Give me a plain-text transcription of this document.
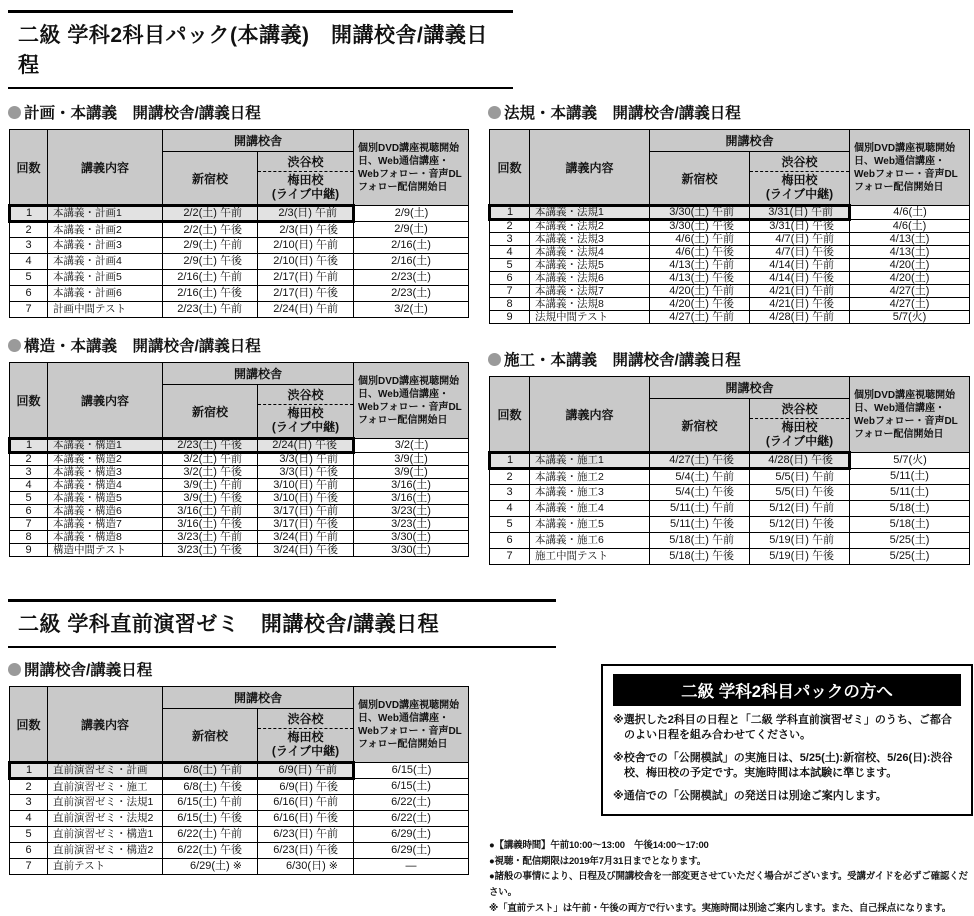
二級 学科2科目パック(本講義)　開講校舎/講義日程
計画・本講義　開講校舎/講義日程
回数	講義内容	開講校舎		個別DVD講座視聴開始日、Web通信講座・Webフォロー・音声DLフォロー配信開始日
		新宿校	渋谷校	
			梅田校
(ライブ中継)	
1	本講義・計画1	2/2(土) 午前	2/3(日) 午前	2/9(土)
2	本講義・計画2	2/2(土) 午後	2/3(日) 午後	2/9(土)
3	本講義・計画3	2/9(土) 午前	2/10(日) 午前	2/16(土)
4	本講義・計画4	2/9(土) 午後	2/10(日) 午後	2/16(土)
5	本講義・計画5	2/16(土) 午前	2/17(日) 午前	2/23(土)
6	本講義・計画6	2/16(土) 午後	2/17(日) 午後	2/23(土)
7	計画中間テスト	2/23(土) 午前	2/24(日) 午前	3/2(土)
構造・本講義　開講校舎/講義日程
回数	講義内容	開講校舎		個別DVD講座視聴開始日、Web通信講座・Webフォロー・音声DLフォロー配信開始日
		新宿校	渋谷校	
			梅田校
(ライブ中継)	
1	本講義・構造1	2/23(土) 午後	2/24(日) 午後	3/2(土)
2	本講義・構造2	3/2(土) 午前	3/3(日) 午前	3/9(土)
3	本講義・構造3	3/2(土) 午後	3/3(日) 午後	3/9(土)
4	本講義・構造4	3/9(土) 午前	3/10(日) 午前	3/16(土)
5	本講義・構造5	3/9(土) 午後	3/10(日) 午後	3/16(土)
6	本講義・構造6	3/16(土) 午前	3/17(日) 午前	3/23(土)
7	本講義・構造7	3/16(土) 午後	3/17(日) 午後	3/23(土)
8	本講義・構造8	3/23(土) 午前	3/24(日) 午前	3/30(土)
9	構造中間テスト	3/23(土) 午後	3/24(日) 午後	3/30(土)
法規・本講義　開講校舎/講義日程
回数	講義内容	開講校舎		個別DVD講座視聴開始日、Web通信講座・Webフォロー・音声DLフォロー配信開始日
		新宿校	渋谷校	
			梅田校
(ライブ中継)	
1	本講義・法規1	3/30(土) 午前	3/31(日) 午前	4/6(土)
2	本講義・法規2	3/30(土) 午後	3/31(日) 午後	4/6(土)
3	本講義・法規3	4/6(土) 午前	4/7(日) 午前	4/13(土)
4	本講義・法規4	4/6(土) 午後	4/7(日) 午後	4/13(土)
5	本講義・法規5	4/13(土) 午前	4/14(日) 午前	4/20(土)
6	本講義・法規6	4/13(土) 午後	4/14(日) 午後	4/20(土)
7	本講義・法規7	4/20(土) 午前	4/21(日) 午前	4/27(土)
8	本講義・法規8	4/20(土) 午後	4/21(日) 午後	4/27(土)
9	法規中間テスト	4/27(土) 午前	4/28(日) 午前	5/7(火)
施工・本講義　開講校舎/講義日程
回数	講義内容	開講校舎		個別DVD講座視聴開始日、Web通信講座・Webフォロー・音声DLフォロー配信開始日
		新宿校	渋谷校	
			梅田校
(ライブ中継)	
1	本講義・施工1	4/27(土) 午後	4/28(日) 午後	5/7(火)
2	本講義・施工2	5/4(土) 午前	5/5(日) 午前	5/11(土)
3	本講義・施工3	5/4(土) 午後	5/5(日) 午後	5/11(土)
4	本講義・施工4	5/11(土) 午前	5/12(日) 午前	5/18(土)
5	本講義・施工5	5/11(土) 午後	5/12(日) 午後	5/18(土)
6	本講義・施工6	5/18(土) 午前	5/19(日) 午前	5/25(土)
7	施工中間テスト	5/18(土) 午後	5/19(日) 午後	5/25(土)
二級 学科直前演習ゼミ　開講校舎/講義日程
開講校舎/講義日程
回数	講義内容	開講校舎		個別DVD講座視聴開始日、Web通信講座・Webフォロー・音声DLフォロー配信開始日
		新宿校	渋谷校	
			梅田校
(ライブ中継)	
1	直前演習ゼミ・計画	6/8(土) 午前	6/9(日) 午前	6/15(土)
2	直前演習ゼミ・施工	6/8(土) 午後	6/9(日) 午後	6/15(土)
3	直前演習ゼミ・法規1	6/15(土) 午前	6/16(日) 午前	6/22(土)
4	直前演習ゼミ・法規2	6/15(土) 午後	6/16(日) 午後	6/22(土)
5	直前演習ゼミ・構造1	6/22(土) 午前	6/23(日) 午前	6/29(土)
6	直前演習ゼミ・構造2	6/22(土) 午後	6/23(日) 午後	6/29(土)
7	直前テスト	6/29(土) ※	6/30(日) ※	―
二級 学科2科目パックの方へ

※選択した2科目の日程と「二級 学科直前演習ゼミ」のうち、ご都合のよい日程を組み合わせてください。

※校舎での「公開模試」の実施日は、5/25(土):新宿校、5/26(日):渋谷校、梅田校の予定です。実施時間は本試験に準じます。

※通信での「公開模試」の発送日は別途ご案内します。

●【講義時間】午前10:00〜13:00　午後14:00〜17:00

●視聴・配信期限は2019年7月31日までとなります。

●諸般の事情により、日程及び開講校舎を一部変更させていただく場合がございます。受講ガイドを必ずご確認ください。

※「直前テスト」は午前・午後の両方で行います。実施時間は別途ご案内します。また、自己採点になります。
